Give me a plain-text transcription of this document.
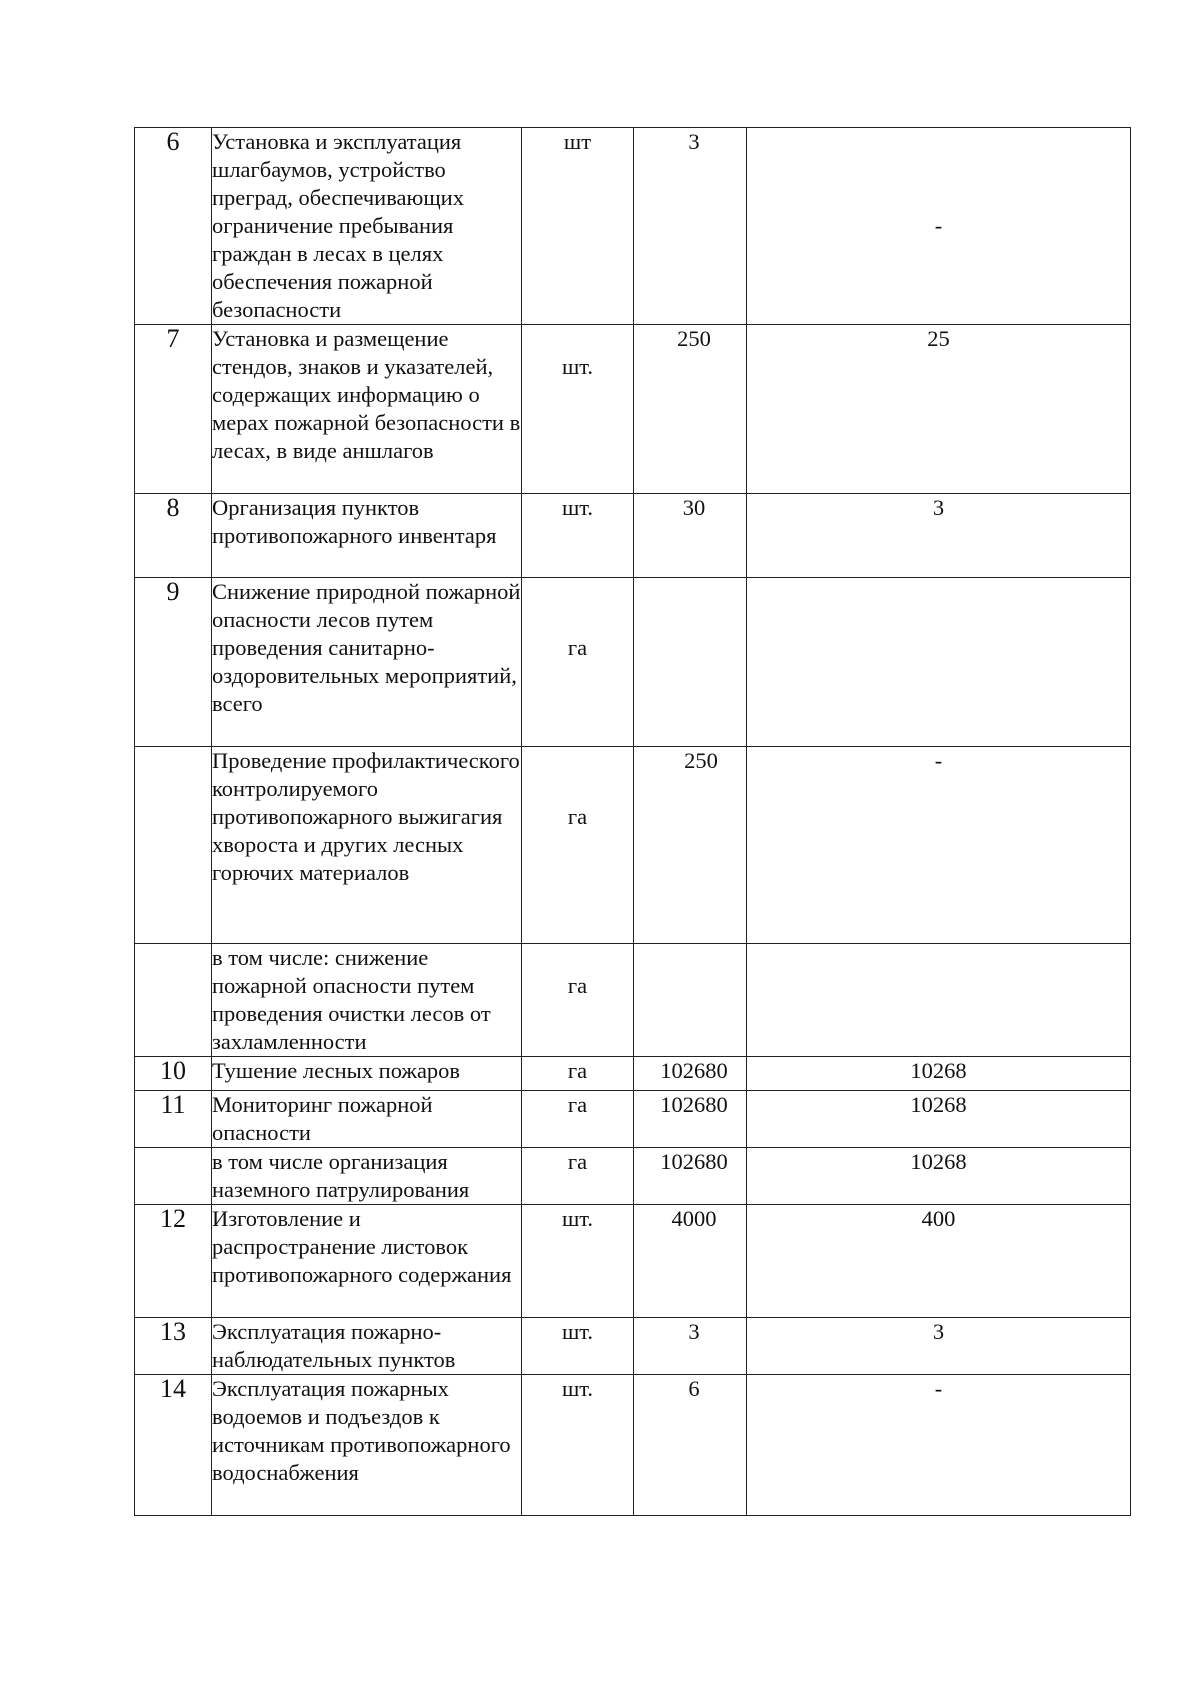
6	Установка и эксплуатация шлагбаумов, устройство преград, обеспечивающих ограничение пребывания граждан в лесах в целях обеспечения пожарной безопасности	шт	3	-
7	Установка и размещение стендов, знаков и указателей, содержащих информацию о мерах пожарной безопасности в лесах, в виде аншлагов	шт.	250	25
8	Организация пунктов противопожарного инвентаря	шт.	30	3
9	Снижение природной пожарной опасности лесов путем проведения санитарно-оздоровительных мероприятий, всего	га		
	Проведение профилактического контролируемого противопожарного выжигагия хвороста и других лесных горючих материалов	га	250	-
	в том числе: снижение пожарной опасности путем проведения очистки лесов от захламленности	га		
10	Тушение лесных пожаров	га	102680	10268
11	Мониторинг пожарной опасности	га	102680	10268
	в том числе организация наземного патрулирования	га	102680	10268
12	Изготовление и распространение листовок противопожарного содержания	шт.	4000	400
13	Эксплуатация пожарно-наблюдательных пунктов	шт.	3	3
14	Эксплуатация пожарных водоемов и подъездов к источникам противопожарного водоснабжения	шт.	6	-
